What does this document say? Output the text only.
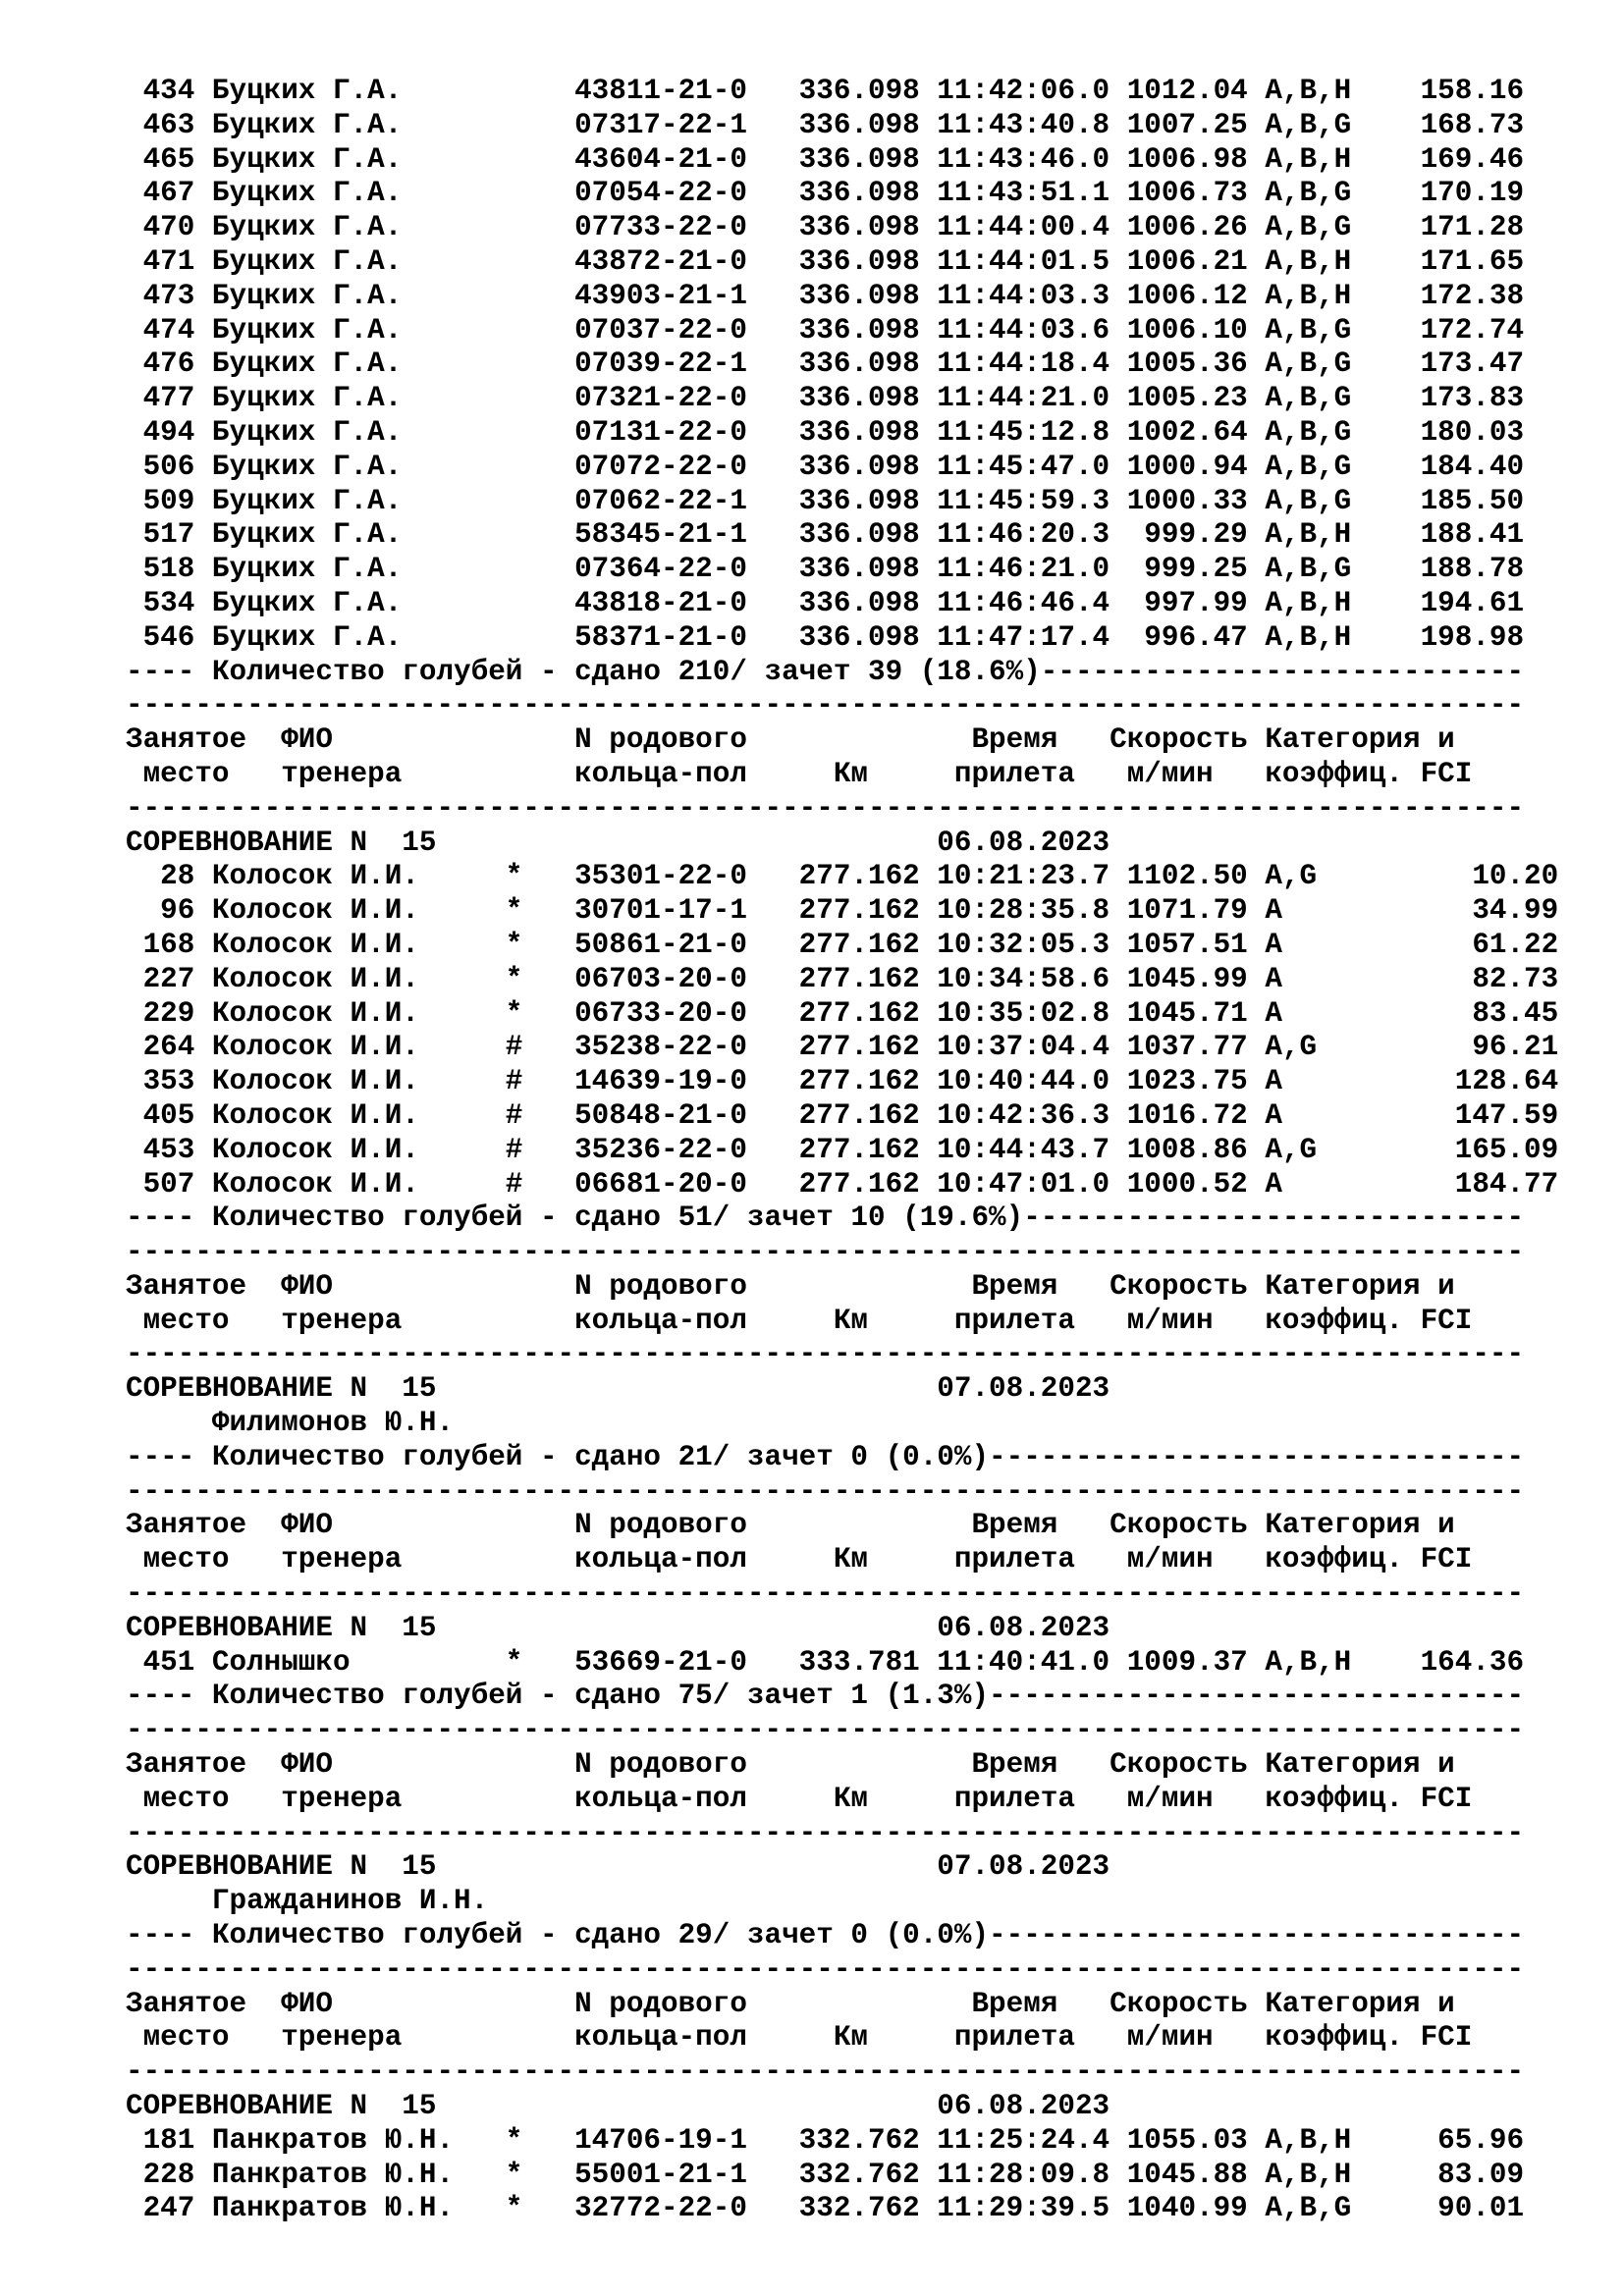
434 Буцких Г.А.          43811-21-0   336.098 11:42:06.0 1012.04 A,B,H    158.16
463 Буцких Г.А.          07317-22-1   336.098 11:43:40.8 1007.25 A,B,G    168.73
465 Буцких Г.А.          43604-21-0   336.098 11:43:46.0 1006.98 A,B,H    169.46
467 Буцких Г.А.          07054-22-0   336.098 11:43:51.1 1006.73 A,B,G    170.19
470 Буцких Г.А.          07733-22-0   336.098 11:44:00.4 1006.26 A,B,G    171.28
471 Буцких Г.А.          43872-21-0   336.098 11:44:01.5 1006.21 A,B,H    171.65
473 Буцких Г.А.          43903-21-1   336.098 11:44:03.3 1006.12 A,B,H    172.38
474 Буцких Г.А.          07037-22-0   336.098 11:44:03.6 1006.10 A,B,G    172.74
476 Буцких Г.А.          07039-22-1   336.098 11:44:18.4 1005.36 A,B,G    173.47
477 Буцких Г.А.          07321-22-0   336.098 11:44:21.0 1005.23 A,B,G    173.83
494 Буцких Г.А.          07131-22-0   336.098 11:45:12.8 1002.64 A,B,G    180.03
506 Буцких Г.А.          07072-22-0   336.098 11:45:47.0 1000.94 A,B,G    184.40
509 Буцких Г.А.          07062-22-1   336.098 11:45:59.3 1000.33 A,B,G    185.50
517 Буцких Г.А.          58345-21-1   336.098 11:46:20.3  999.29 A,B,H    188.41
518 Буцких Г.А.          07364-22-0   336.098 11:46:21.0  999.25 A,B,G    188.78
534 Буцких Г.А.          43818-21-0   336.098 11:46:46.4  997.99 A,B,H    194.61
546 Буцких Г.А.          58371-21-0   336.098 11:47:17.4  996.47 A,B,H    198.98
---- Количество голубей - сдано 210/ зачет 39 (18.6%)----------------------------
---------------------------------------------------------------------------------
Занятое  ФИО              N родового             Время   Скорость Категория и
место   тренера          кольца-пол     Км     прилета   м/мин   коэффиц. FCI
---------------------------------------------------------------------------------
СОРЕВНОВАНИЕ N  15                             06.08.2023
28 Колосок И.И.     *   35301-22-0   277.162 10:21:23.7 1102.50 A,G         10.20
96 Колосок И.И.     *   30701-17-1   277.162 10:28:35.8 1071.79 A           34.99
168 Колосок И.И.     *   50861-21-0   277.162 10:32:05.3 1057.51 A           61.22
227 Колосок И.И.     *   06703-20-0   277.162 10:34:58.6 1045.99 A           82.73
229 Колосок И.И.     *   06733-20-0   277.162 10:35:02.8 1045.71 A           83.45
264 Колосок И.И.     #   35238-22-0   277.162 10:37:04.4 1037.77 A,G         96.21
353 Колосок И.И.     #   14639-19-0   277.162 10:40:44.0 1023.75 A          128.64
405 Колосок И.И.     #   50848-21-0   277.162 10:42:36.3 1016.72 A          147.59
453 Колосок И.И.     #   35236-22-0   277.162 10:44:43.7 1008.86 A,G        165.09
507 Колосок И.И.     #   06681-20-0   277.162 10:47:01.0 1000.52 A          184.77
---- Количество голубей - сдано 51/ зачет 10 (19.6%)-----------------------------
---------------------------------------------------------------------------------
Занятое  ФИО              N родового             Время   Скорость Категория и
место   тренера          кольца-пол     Км     прилета   м/мин   коэффиц. FCI
---------------------------------------------------------------------------------
СОРЕВНОВАНИЕ N  15                             07.08.2023
Филимонов Ю.Н.
---- Количество голубей - сдано 21/ зачет 0 (0.0%)-------------------------------
---------------------------------------------------------------------------------
Занятое  ФИО              N родового             Время   Скорость Категория и
место   тренера          кольца-пол     Км     прилета   м/мин   коэффиц. FCI
---------------------------------------------------------------------------------
СОРЕВНОВАНИЕ N  15                             06.08.2023
451 Солнышко         *   53669-21-0   333.781 11:40:41.0 1009.37 A,B,H    164.36
---- Количество голубей - сдано 75/ зачет 1 (1.3%)-------------------------------
---------------------------------------------------------------------------------
Занятое  ФИО              N родового             Время   Скорость Категория и
место   тренера          кольца-пол     Км     прилета   м/мин   коэффиц. FCI
---------------------------------------------------------------------------------
СОРЕВНОВАНИЕ N  15                             07.08.2023
Гражданинов И.Н.
---- Количество голубей - сдано 29/ зачет 0 (0.0%)-------------------------------
---------------------------------------------------------------------------------
Занятое  ФИО              N родового             Время   Скорость Категория и
место   тренера          кольца-пол     Км     прилета   м/мин   коэффиц. FCI
---------------------------------------------------------------------------------
СОРЕВНОВАНИЕ N  15                             06.08.2023
181 Панкратов Ю.Н.   *   14706-19-1   332.762 11:25:24.4 1055.03 A,B,H     65.96
228 Панкратов Ю.Н.   *   55001-21-1   332.762 11:28:09.8 1045.88 A,B,H     83.09
247 Панкратов Ю.Н.   *   32772-22-0   332.762 11:29:39.5 1040.99 A,B,G     90.01
